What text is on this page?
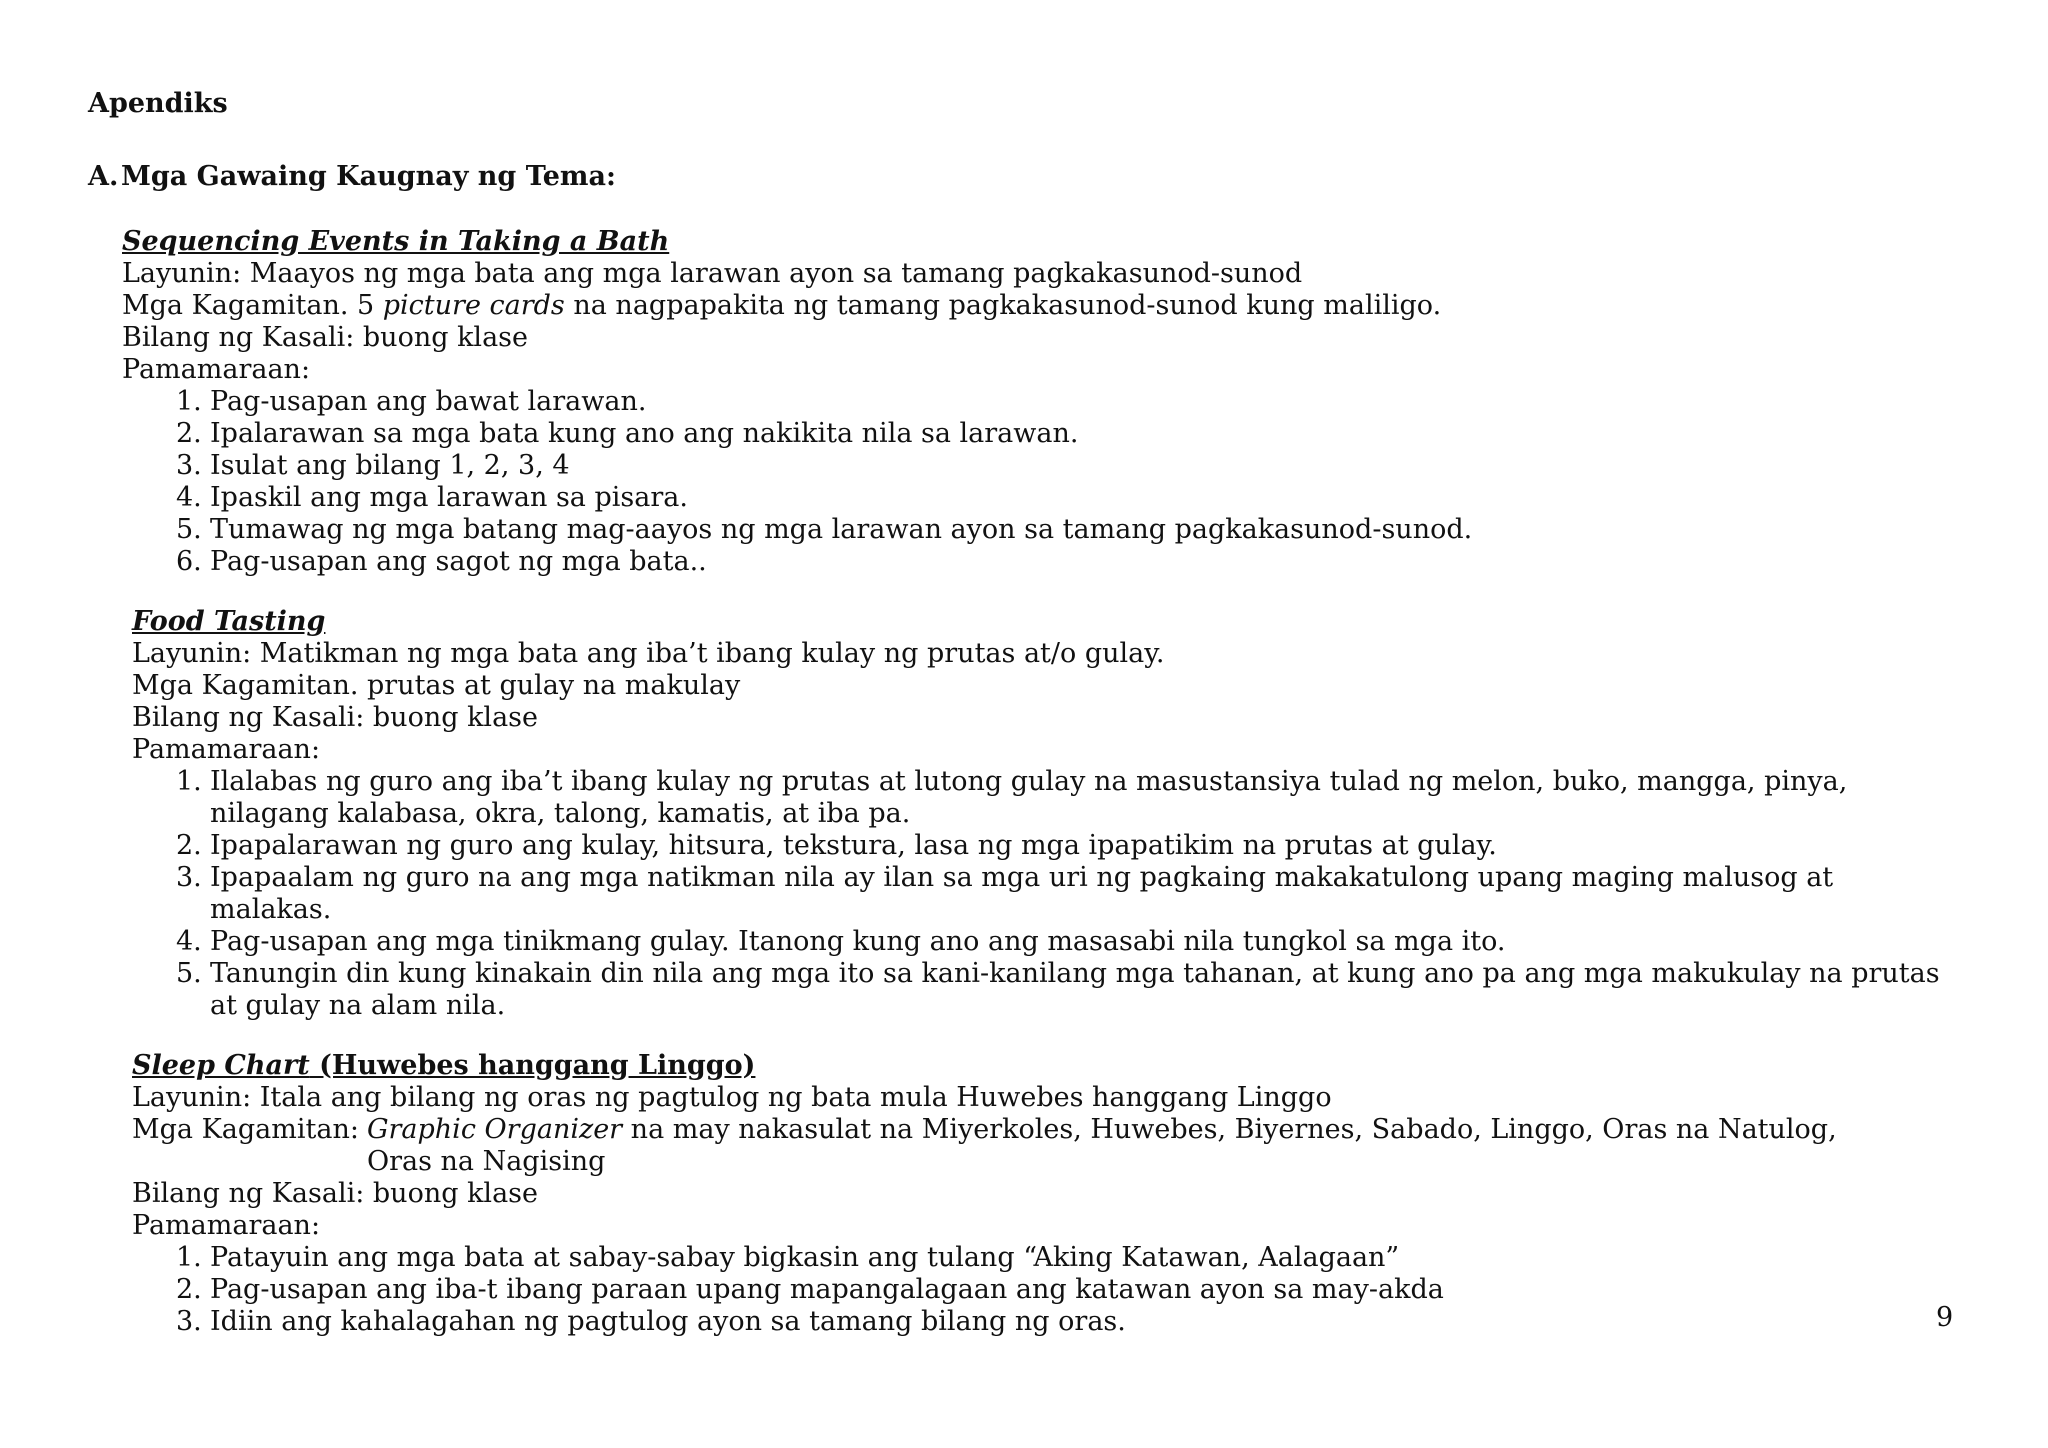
Apendiks

A.Mga Gawaing Kaugnay ng Tema:

Sequencing Events in Taking a Bath
Layunin: Maayos ng mga bata ang mga larawan ayon sa tamang pagkakasunod-sunod
Mga Kagamitan. 5 picture cards na nagpapakita ng tamang pagkakasunod-sunod kung maliligo.
Bilang ng Kasali: buong klase
Pamamaraan:
1. Pag-usapan ang bawat larawan.
2. Ipalarawan sa mga bata kung ano ang nakikita nila sa larawan.
3. Isulat ang bilang 1, 2, 3, 4
4. Ipaskil ang mga larawan sa pisara.
5. Tumawag ng mga batang mag-aayos ng mga larawan ayon sa tamang pagkakasunod-sunod.
6. Pag-usapan ang sagot ng mga bata..
Food Tasting
Layunin: Matikman ng mga bata ang iba’t ibang kulay ng prutas at/o gulay.
Mga Kagamitan. prutas at gulay na makulay
Bilang ng Kasali: buong klase
Pamamaraan:
1. Ilalabas ng guro ang iba’t ibang kulay ng prutas at lutong gulay na masustansiya tulad ng melon, buko, mangga, pinya, nilagang kalabasa, okra, talong, kamatis, at iba pa.
2. Ipapalarawan ng guro ang kulay, hitsura, tekstura, lasa ng mga ipapatikim na prutas at gulay.
3. Ipapaalam ng guro na ang mga natikman nila ay ilan sa mga uri ng pagkaing makakatulong upang maging malusog at malakas.
4. Pag-usapan ang mga tinikmang gulay. Itanong kung ano ang masasabi nila tungkol sa mga ito.
5. Tanungin din kung kinakain din nila ang mga ito sa kani-kanilang mga tahanan, at kung ano pa ang mga makukulay na prutas at gulay na alam nila.
Sleep Chart (Huwebes hanggang Linggo)
Layunin: Itala ang bilang ng oras ng pagtulog ng bata mula Huwebes hanggang Linggo
Mga Kagamitan: Graphic Organizer na may nakasulat na Miyerkoles, Huwebes, Biyernes, Sabado, Linggo, Oras na Natulog, Oras na Nagising
Bilang ng Kasali: buong klase
Pamamaraan:
1. Patayuin ang mga bata at sabay-sabay bigkasin ang tulang “Aking Katawan, Aalagaan”
2. Pag-usapan ang iba-t ibang paraan upang mapangalagaan ang katawan ayon sa may-akda
3. Idiin ang kahalagahan ng pagtulog ayon sa tamang bilang ng oras.	9
